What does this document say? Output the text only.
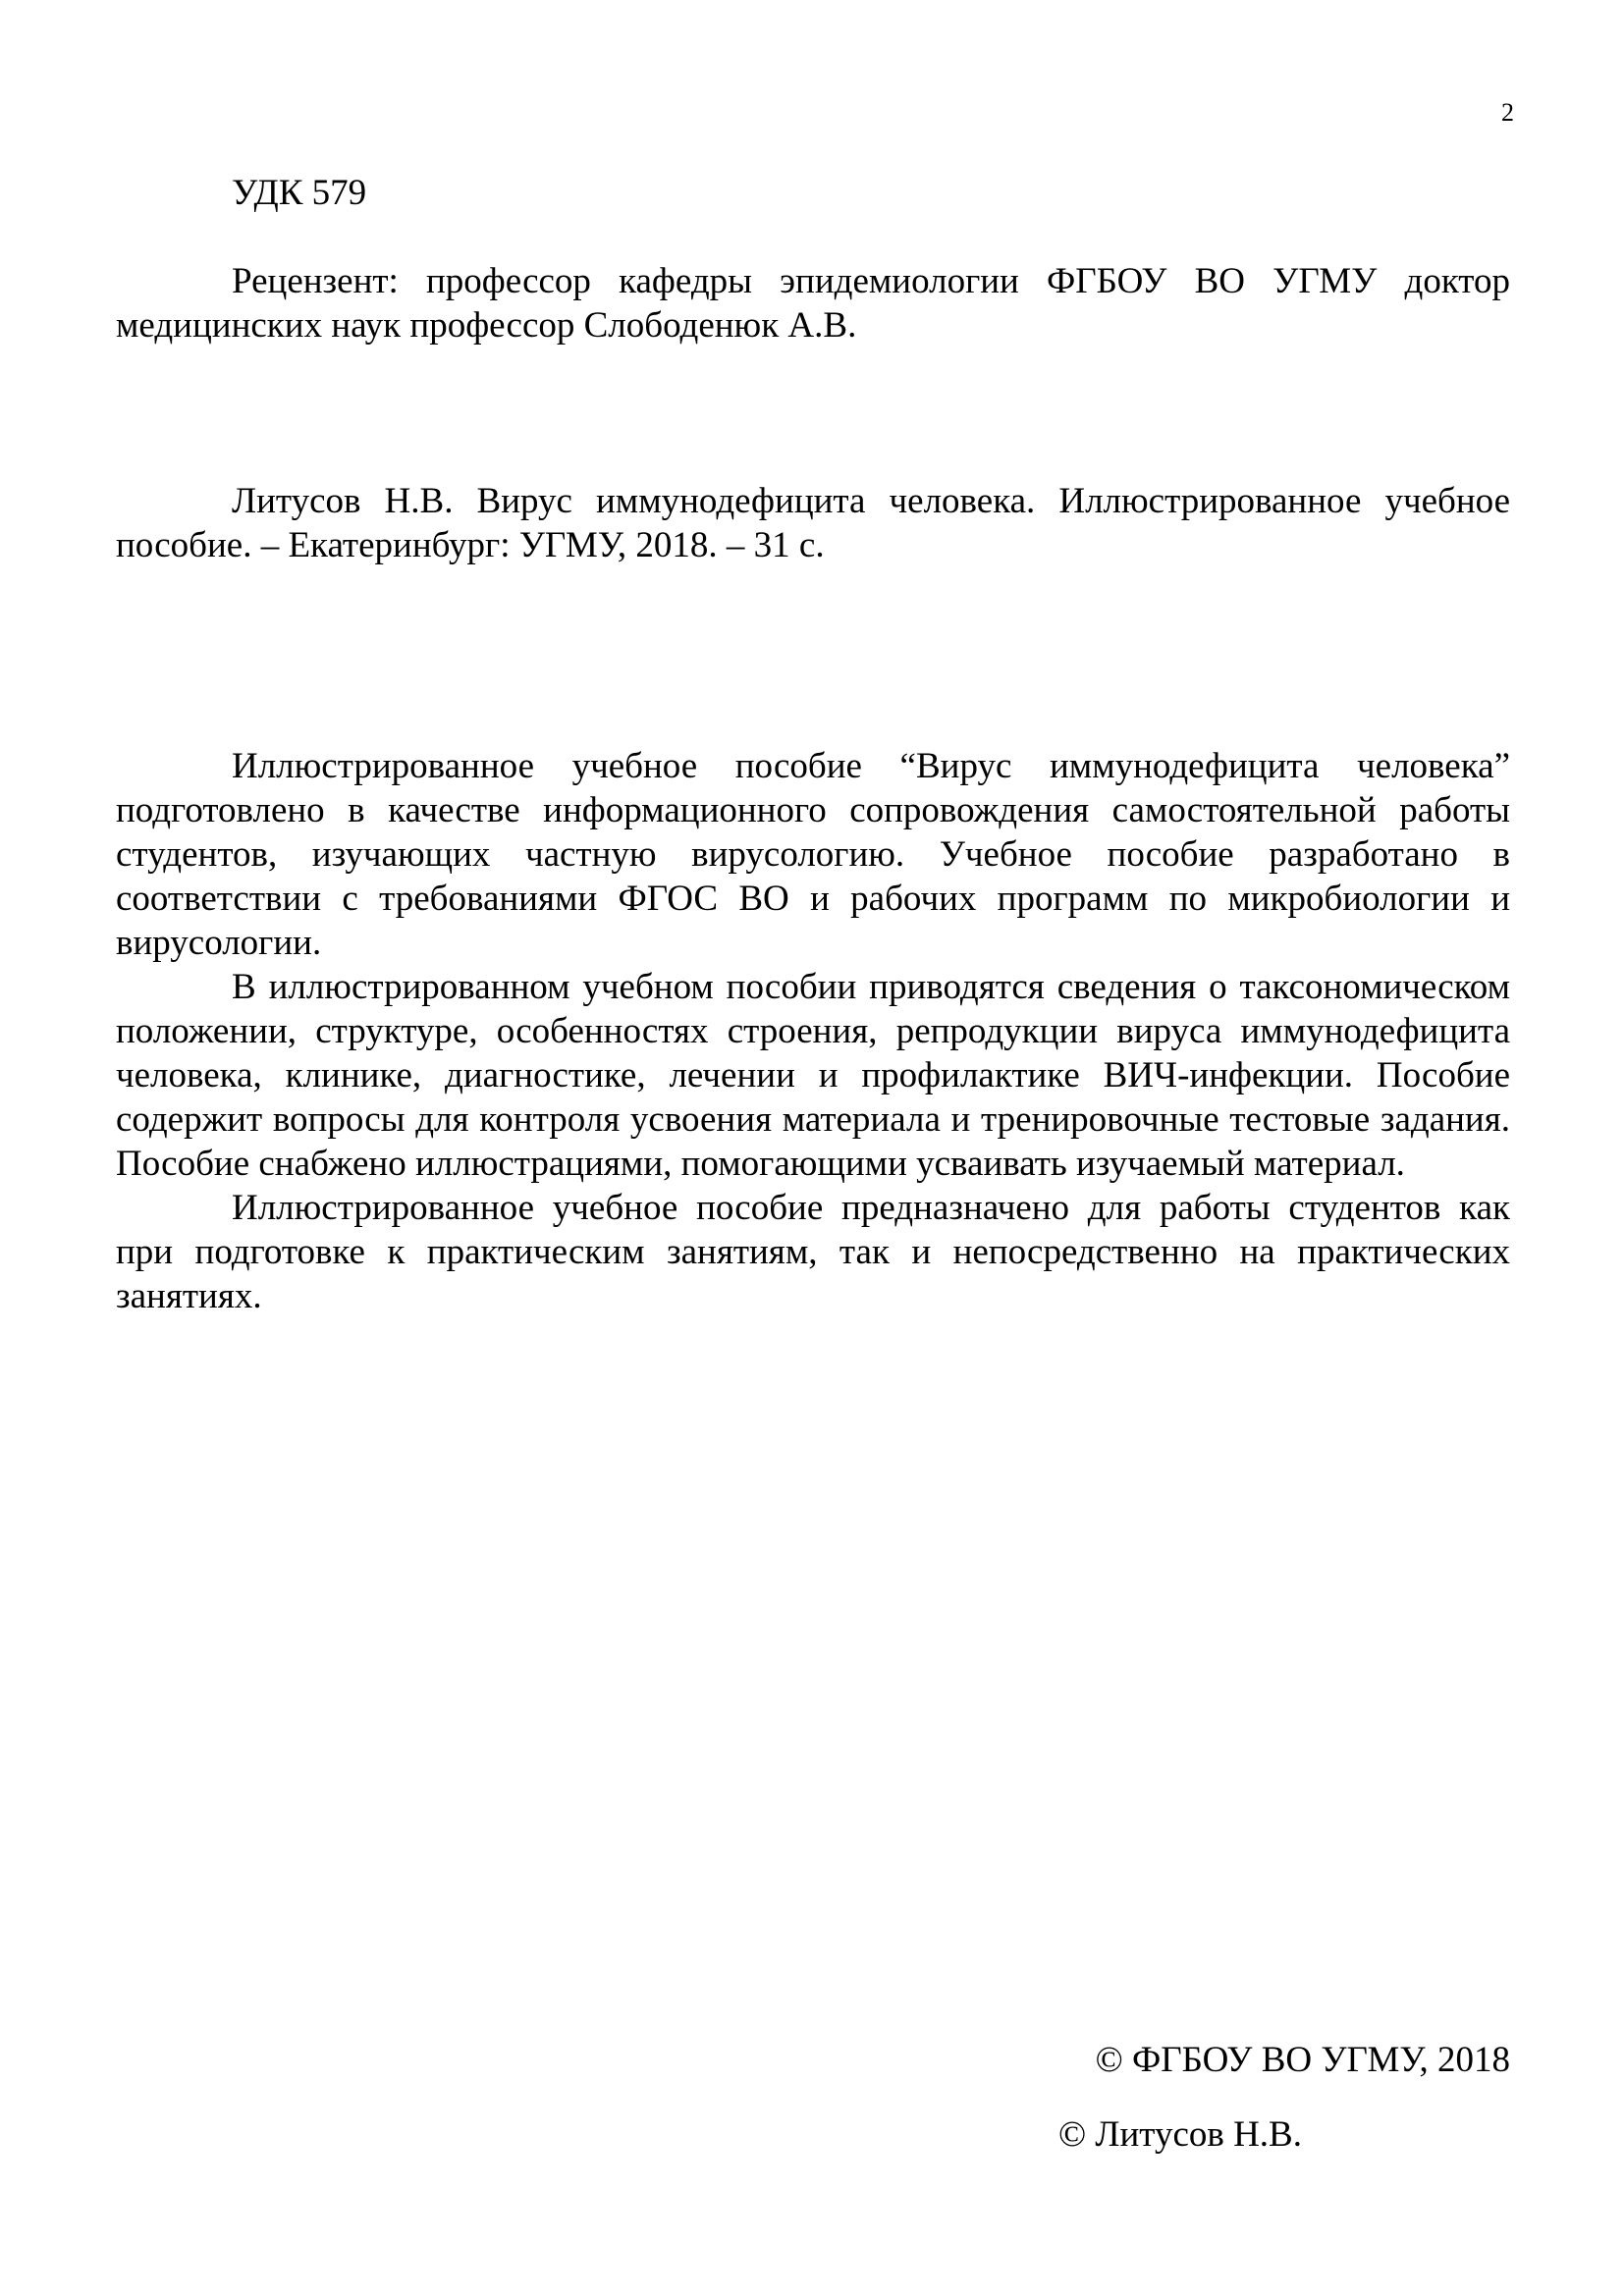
2
УДК 579

Рецензент: профессор кафедры эпидемиологии ФГБОУ ВО УГМУ доктор медицинских наук профессор Слободенюк А.В.

Литусов Н.В. Вирус иммунодефицита человека. Иллюстрированное учебное пособие. – Екатеринбург: УГМУ, 2018. – 31 с.

Иллюстрированное учебное пособие “Вирус иммунодефицита человека” подготовлено в качестве информационного сопровождения самостоятельной работы студентов, изучающих частную вирусологию. Учебное пособие разработано в соответствии с требованиями ФГОС ВО и рабочих программ по микробиологии и вирусологии.

В иллюстрированном учебном пособии приводятся сведения о таксономическом положении, структуре, особенностях строения, репродукции вируса иммунодефицита человека, клинике, диагностике, лечении и профилактике ВИЧ-инфекции. Пособие содержит вопросы для контроля усвоения материала и тренировочные тестовые задания. Пособие снабжено иллюстрациями, помогающими усваивать изучаемый материал.

Иллюстрированное учебное пособие предназначено для работы студентов как при подготовке к практическим занятиям, так и непосредственно на практических занятиях.

© ФГБОУ ВО УГМУ, 2018
© Литусов Н.В.
